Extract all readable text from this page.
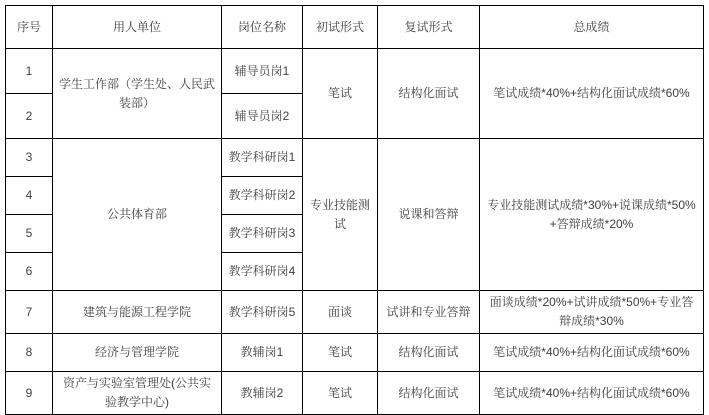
序号	用人单位	岗位名称	初试形式	复试形式	总成绩
1	学生工作部（学生处、人民武装部）	辅导员岗1	笔试	结构化面试	笔试成绩*40%+结构化面试成绩*60%
2		辅导员岗2			
3	公共体育部	教学科研岗1	专业技能测试	说课和答辩	专业技能测试成绩*30%+说课成绩*50%+答辩成绩*20%
4		教学科研岗2			
5		教学科研岗3			
6		教学科研岗4			
7	建筑与能源工程学院	教学科研岗5	面谈	试讲和专业答辩	面谈成绩*20%+试讲成绩*50%+专业答辩成绩*30%
8	经济与管理学院	教辅岗1	笔试	结构化面试	笔试成绩*40%+结构化面试成绩*60%
9	资产与实验室管理处(公共实验教学中心)	教辅岗2	笔试	结构化面试	笔试成绩*40%+结构化面试成绩*60%
